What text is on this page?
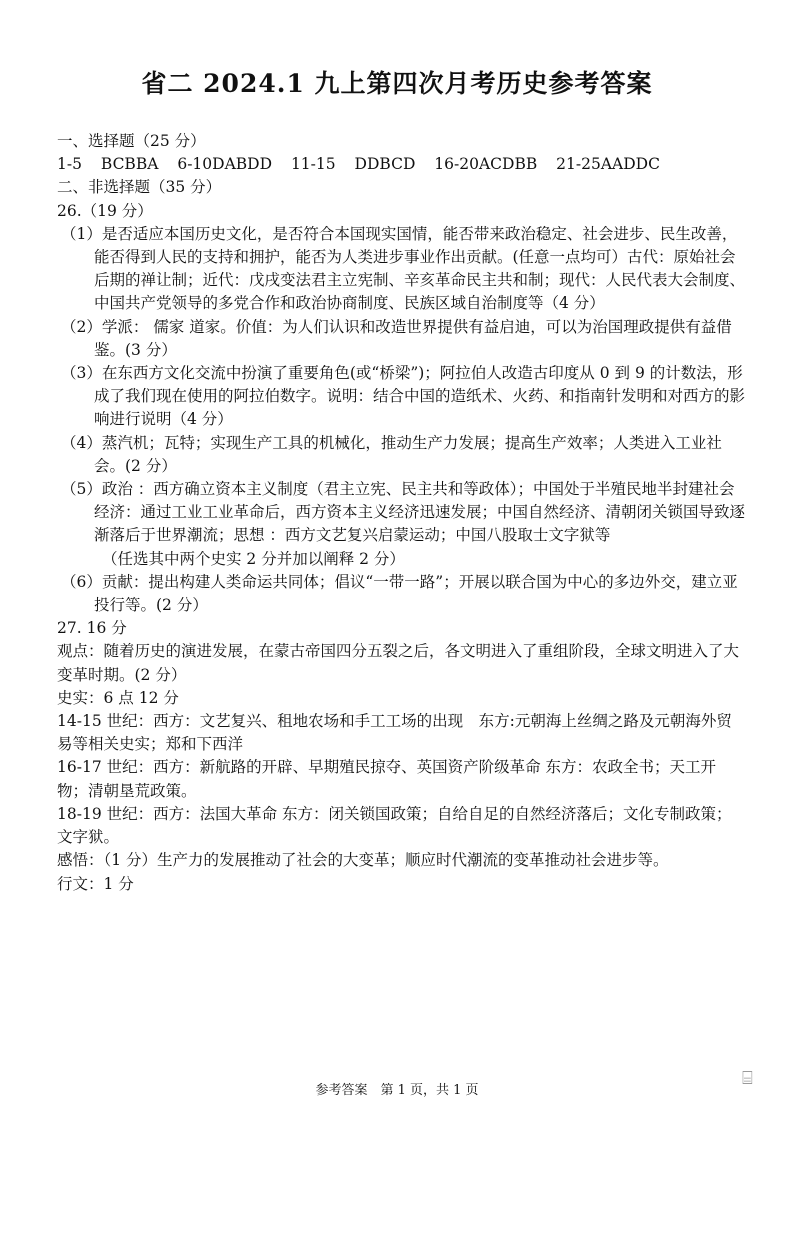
省二 2024.1 九上第四次月考历史参考答案
一、选择题（25 分）
1-5 BCBBA 6-10DABDD 11-15 DDBCD 16-20ACDBB 21-25AADDC
二、非选择题（35 分）
26.（19 分）
（1）是否适应本国历史文化，是否符合本国现实国情，能否带来政治稳定、社会进步、民生改善，能否得到人民的支持和拥护，能否为人类进步事业作出贡献。(任意一点均可）古代：原始社会后期的禅让制；近代：戊戌变法君主立宪制、辛亥革命民主共和制；现代：人民代表大会制度、中国共产党领导的多党合作和政治协商制度、民族区域自治制度等（4 分）
（2）学派： 儒家 道家。价值：为人们认识和改造世界提供有益启迪，可以为治国理政提供有益借鉴。(3 分）
（3）在东西方文化交流中扮演了重要角色(或“桥梁”)；阿拉伯人改造古印度从 0 到 9 的计数法，形成了我们现在使用的阿拉伯数字。说明：结合中国的造纸术、火药、和指南针发明和对西方的影响进行说明（4 分）
（4）蒸汽机；瓦特；实现生产工具的机械化，推动生产力发展；提高生产效率；人类进入工业社会。(2 分）
（5）政治 ：西方确立资本主义制度（君主立宪、民主共和等政体）；中国处于半殖民地半封建社会
经济：通过工业工业革命后，西方资本主义经济迅速发展；中国自然经济、清朝闭关锁国导致逐渐落后于世界潮流；思想 ：西方文艺复兴启蒙运动；中国八股取士文字狱等
（任选其中两个史实 2 分并加以阐释 2 分）
（6）贡献：提出构建人类命运共同体；倡议“一带一路”；开展以联合国为中心的多边外交，建立亚投行等。(2 分）
27. 16 分
观点：随着历史的演进发展，在蒙古帝国四分五裂之后，各文明进入了重组阶段，全球文明进入了大变革时期。(2 分）
史实：6 点 12 分
14-15 世纪：西方：文艺复兴、租地农场和手工工场的出现　东方:元朝海上丝绸之路及元朝海外贸易等相关史实；郑和下西洋
16-17 世纪：西方：新航路的开辟、早期殖民掠夺、英国资产阶级革命 东方：农政全书；天工开物；清朝垦荒政策。
18-19 世纪：西方：法国大革命 东方：闭关锁国政策；自给自足的自然经济落后；文化专制政策；文字狱。
感悟：（1 分）生产力的发展推动了社会的大变革；顺应时代潮流的变革推动社会进步等。
行文：1 分
参考答案　第 1 页，共 1 页
⌸
